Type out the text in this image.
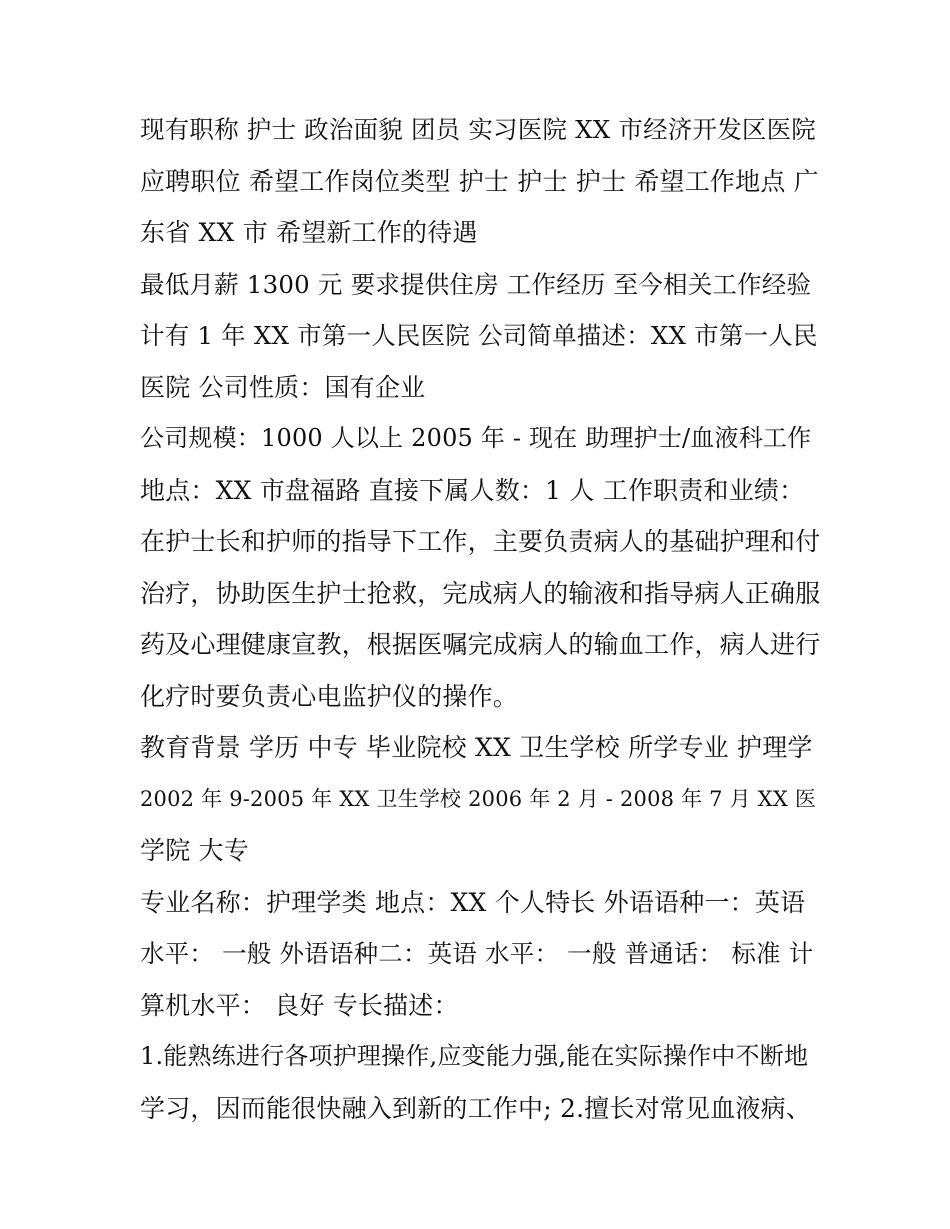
现有职称 护士 政治面貌 团员 实习医院 XX 市经济开发区医院
应聘职位 希望工作岗位类型 护士 护士 护士 希望工作地点 广
东省 XX 市 希望新工作的待遇
最低月薪 1300 元 要求提供住房 工作经历 至今相关工作经验
计有 1 年 XX 市第一人民医院 公司简单描述：XX 市第一人民
医院 公司性质：国有企业
公司规模：1000 人以上 2005 年 - 现在 助理护士/血液科工作
地点：XX 市盘福路 直接下属人数：1 人 工作职责和业绩：
在护士长和护师的指导下工作，主要负责病人的基础护理和付
治疗，协助医生护士抢救，完成病人的输液和指导病人正确服
药及心理健康宣教，根据医嘱完成病人的输血工作，病人进行
化疗时要负责心电监护仪的操作。
教育背景 学历 中专 毕业院校 XX 卫生学校 所学专业 护理学
2002 年 9-2005 年 XX 卫生学校 2006 年 2 月 - 2008 年 7 月 XX 医
学院 大专
专业名称：护理学类 地点：XX 个人特长 外语语种一：英语
水平： 一般 外语语种二：英语 水平： 一般 普通话： 标准 计
算机水平： 良好 专长描述：
1.能熟练进行各项护理操作,应变能力强,能在实际操作中不断地
学习，因而能很快融入到新的工作中; 2.擅长对常见血液病、
